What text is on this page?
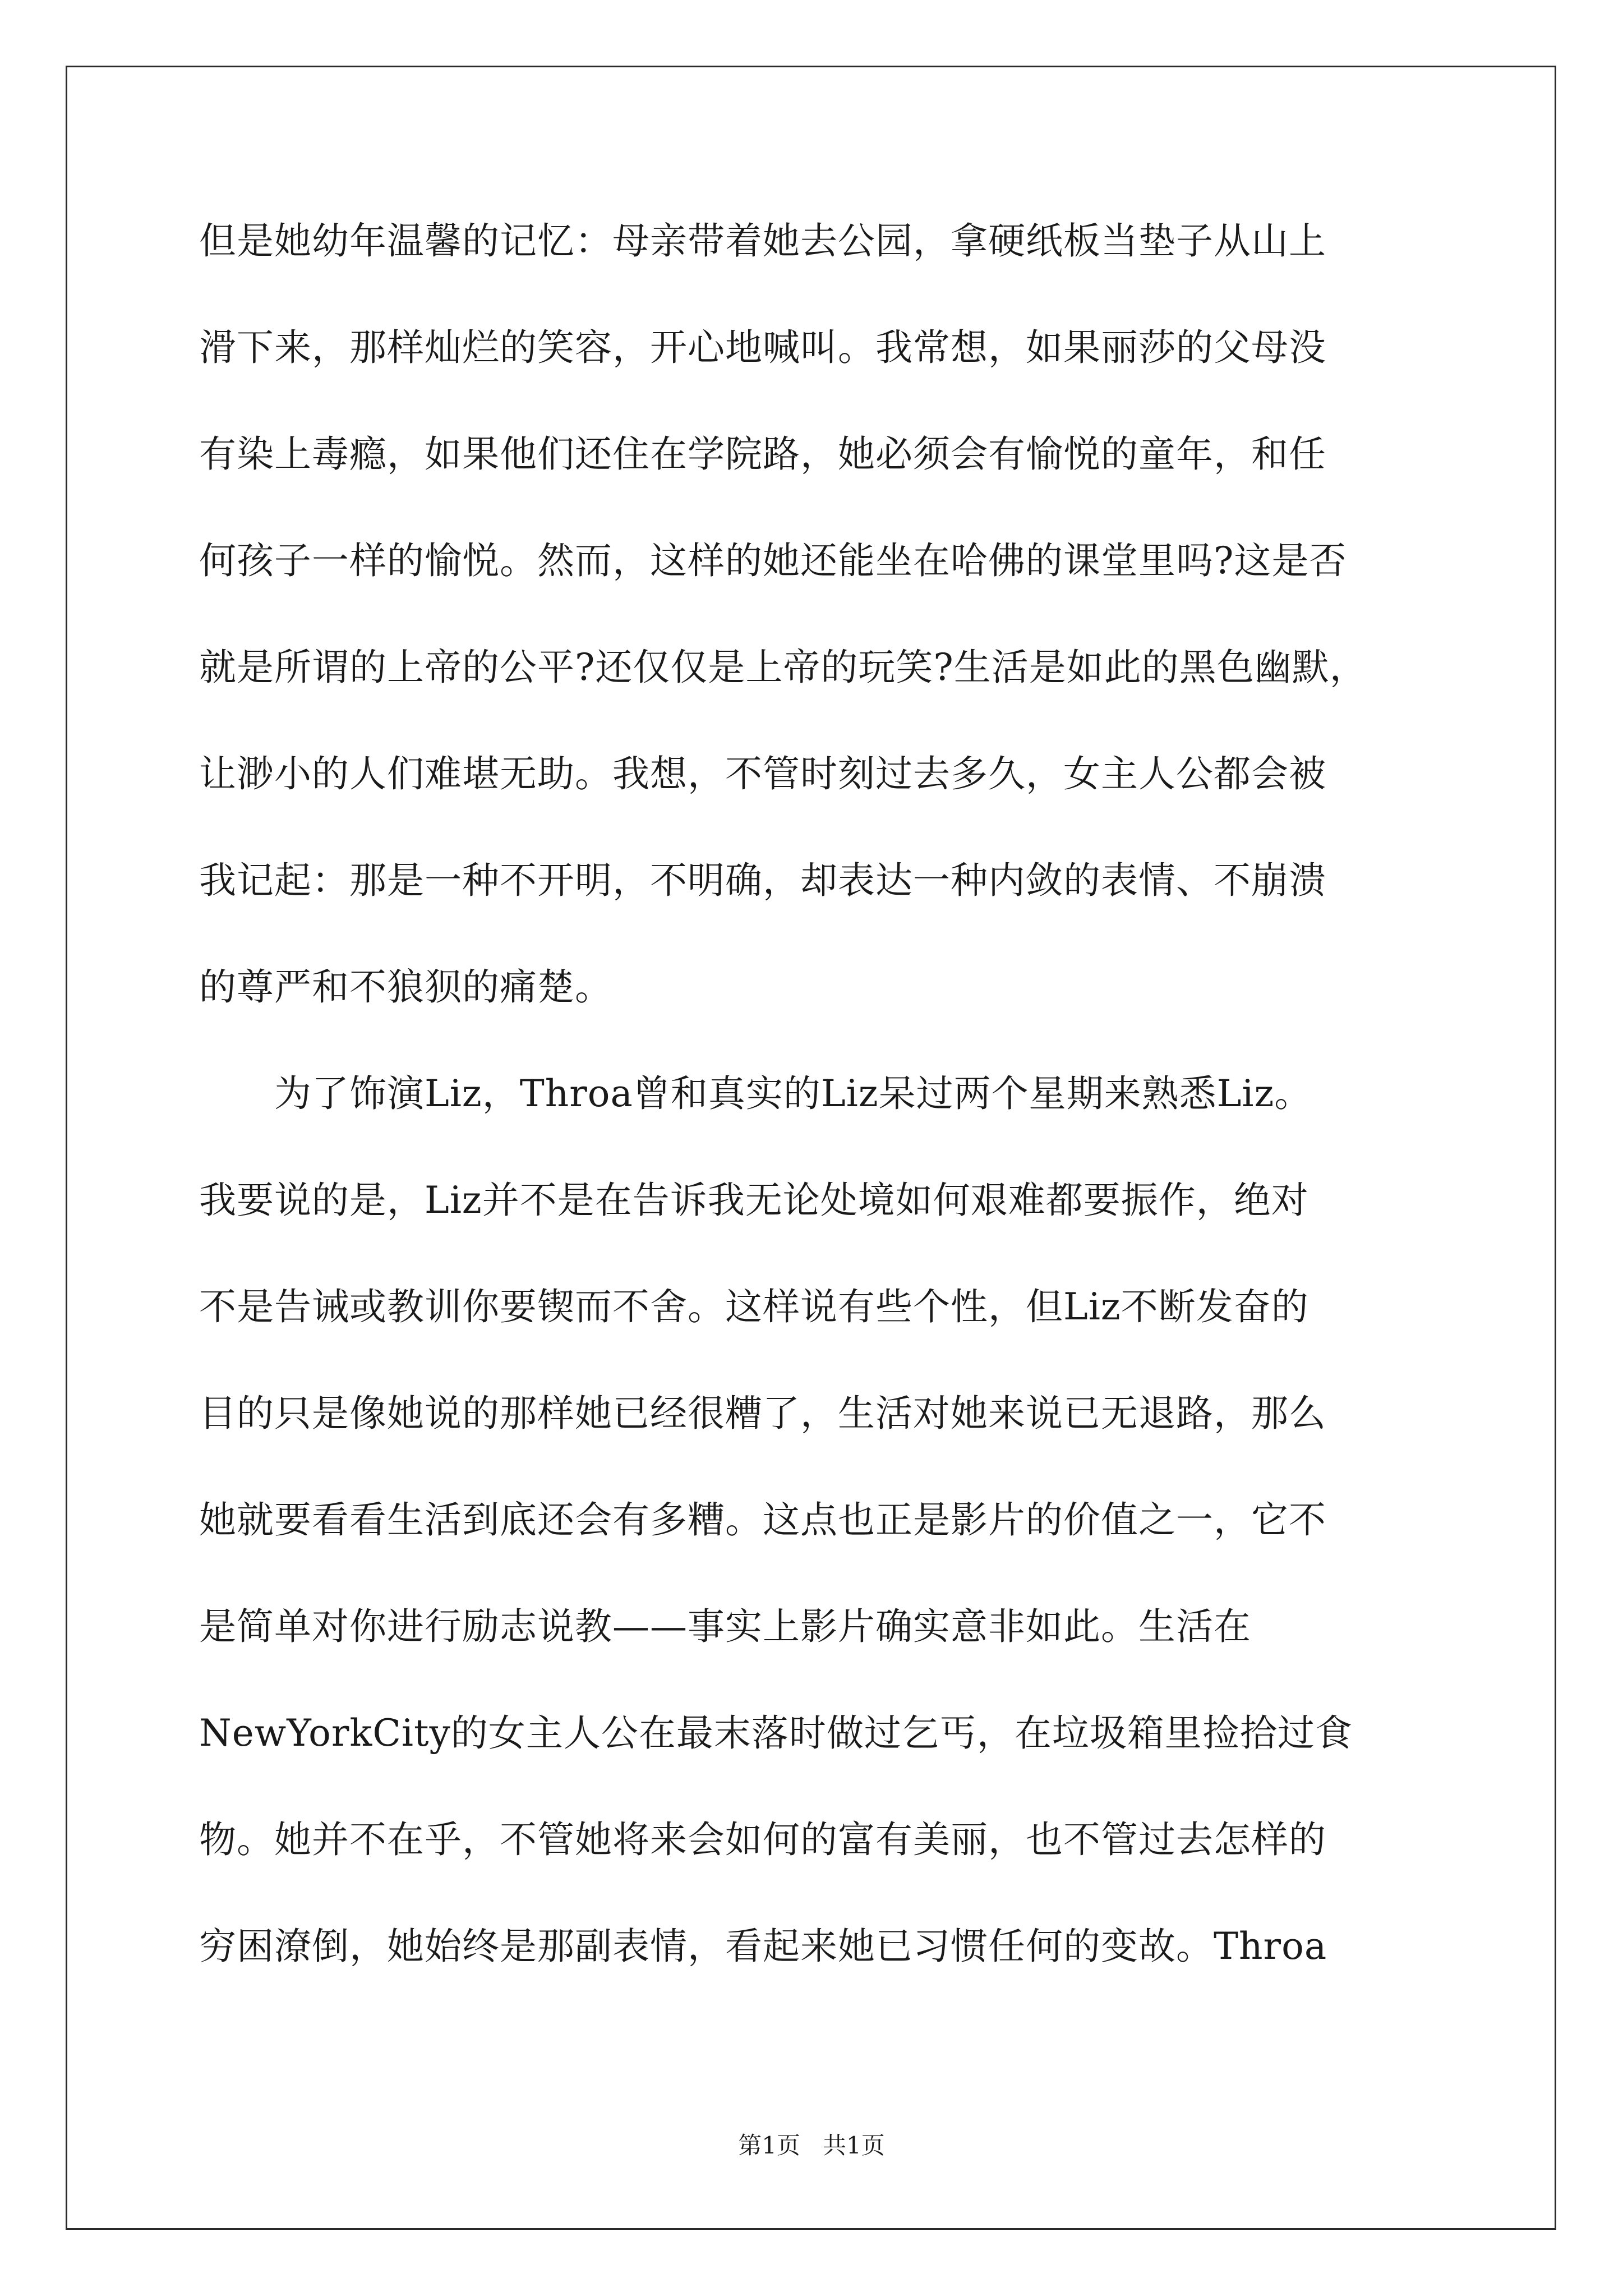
但是她幼年温馨的记忆：母亲带着她去公园，拿硬纸板当垫子从山上
滑下来，那样灿烂的笑容，开心地喊叫。我常想，如果丽莎的父母没
有染上毒瘾，如果他们还住在学院路，她必须会有愉悦的童年，和任
何孩子一样的愉悦。然而，这样的她还能坐在哈佛的课堂里吗?这是否
就是所谓的上帝的公平?还仅仅是上帝的玩笑?生活是如此的黑色幽默，
让渺小的人们难堪无助。我想，不管时刻过去多久，女主人公都会被
我记起：那是一种不开明，不明确，却表达一种内敛的表情、不崩溃
的尊严和不狼狈的痛楚。
　　为了饰演Liz，Throa曾和真实的Liz呆过两个星期来熟悉Liz。
我要说的是，Liz并不是在告诉我无论处境如何艰难都要振作，绝对
不是告诫或教训你要锲而不舍。这样说有些个性，但Liz不断发奋的
目的只是像她说的那样她已经很糟了，生活对她来说已无退路，那么
她就要看看生活到底还会有多糟。这点也正是影片的价值之一，它不
是简单对你进行励志说教——事实上影片确实意非如此。生活在
NewYorkCity的女主人公在最末落时做过乞丐，在垃圾箱里捡拾过食
物。她并不在乎，不管她将来会如何的富有美丽，也不管过去怎样的
穷困潦倒，她始终是那副表情，看起来她已习惯任何的变故。Throa
第1页   共1页
